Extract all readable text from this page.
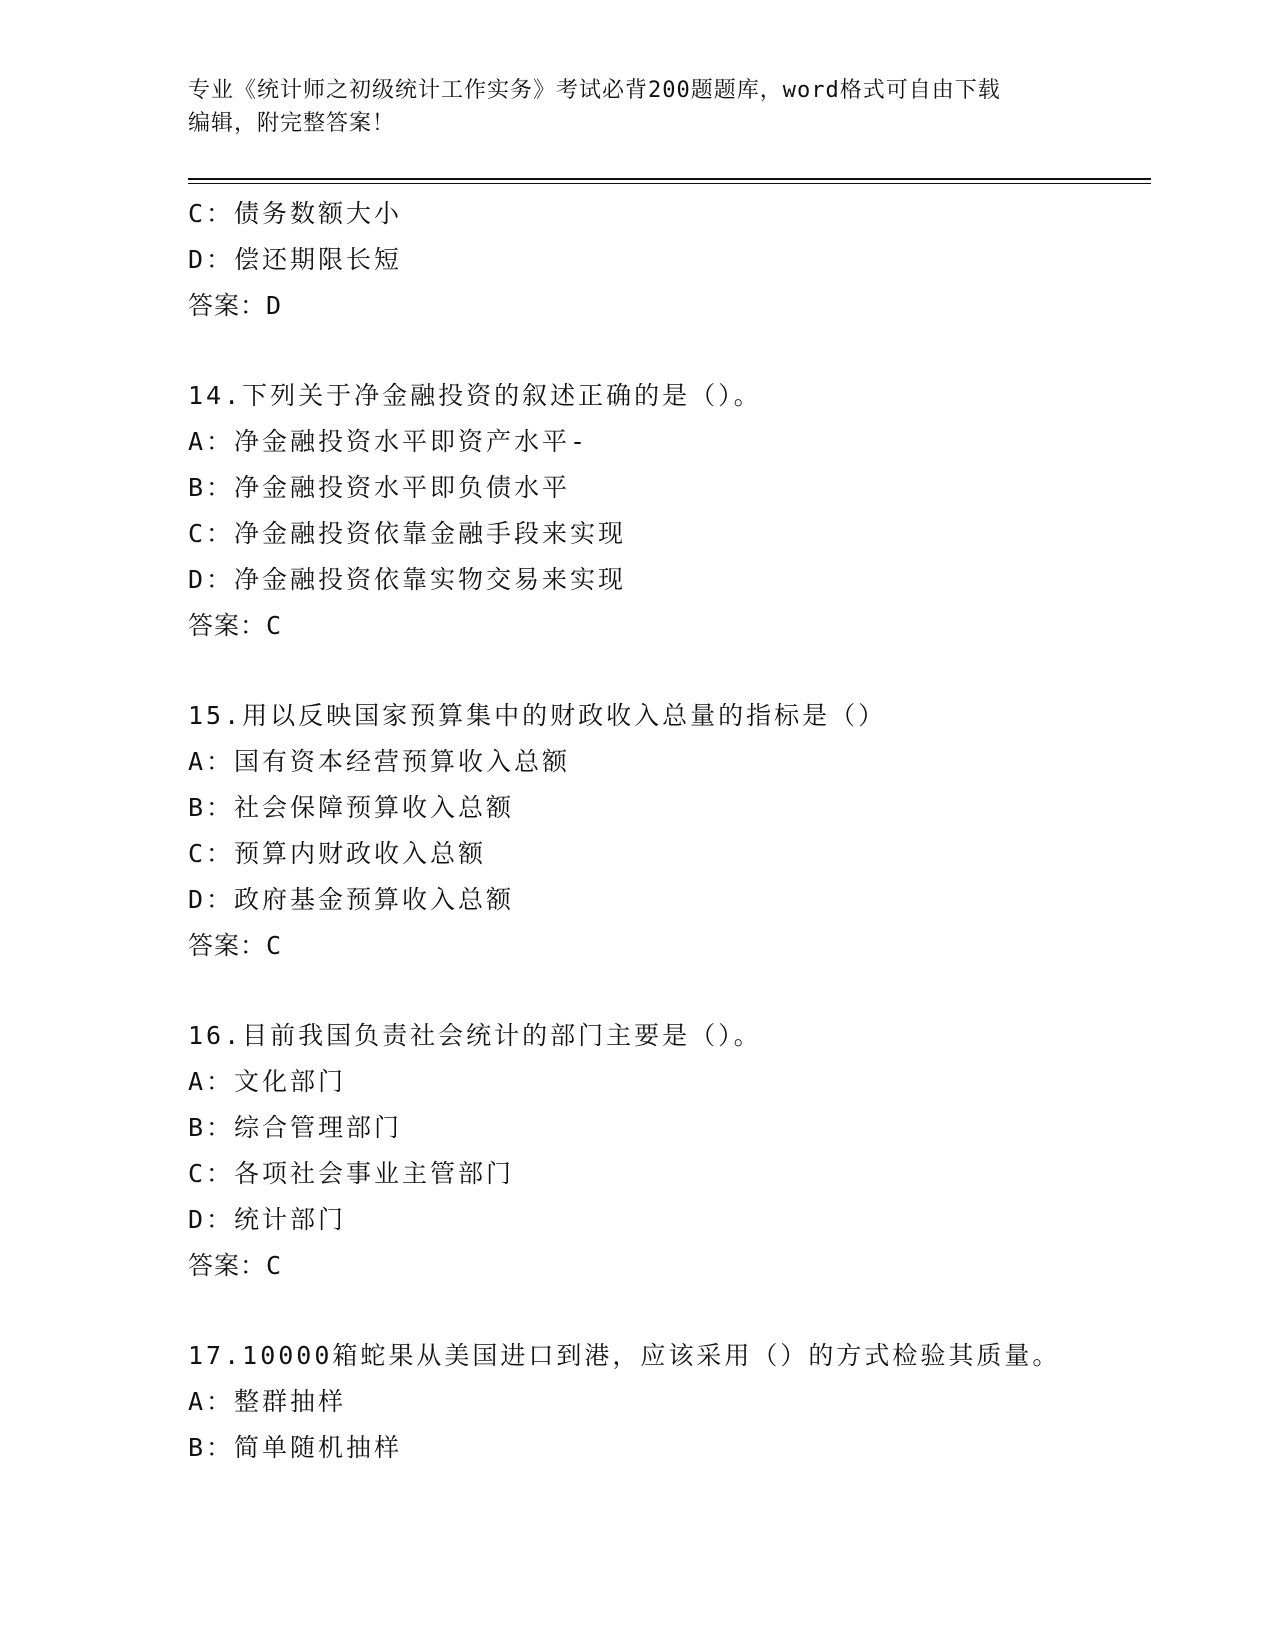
专业《统计师之初级统计工作实务》考试必背200题题库，word格式可自由下载
编辑，附完整答案！
C：债务数额大小
D：偿还期限长短
答案：D
14.下列关于净金融投资的叙述正确的是（）。
A：净金融投资水平即资产水平-
B：净金融投资水平即负债水平
C：净金融投资依靠金融手段来实现
D：净金融投资依靠实物交易来实现
答案：C
15.用以反映国家预算集中的财政收入总量的指标是（）
A：国有资本经营预算收入总额
B：社会保障预算收入总额
C：预算内财政收入总额
D：政府基金预算收入总额
答案：C
16.目前我国负责社会统计的部门主要是（）。
A：文化部门
B：综合管理部门
C：各项社会事业主管部门
D：统计部门
答案：C
17.10000箱蛇果从美国进口到港，应该采用（）的方式检验其质量。
A：整群抽样
B：简单随机抽样
